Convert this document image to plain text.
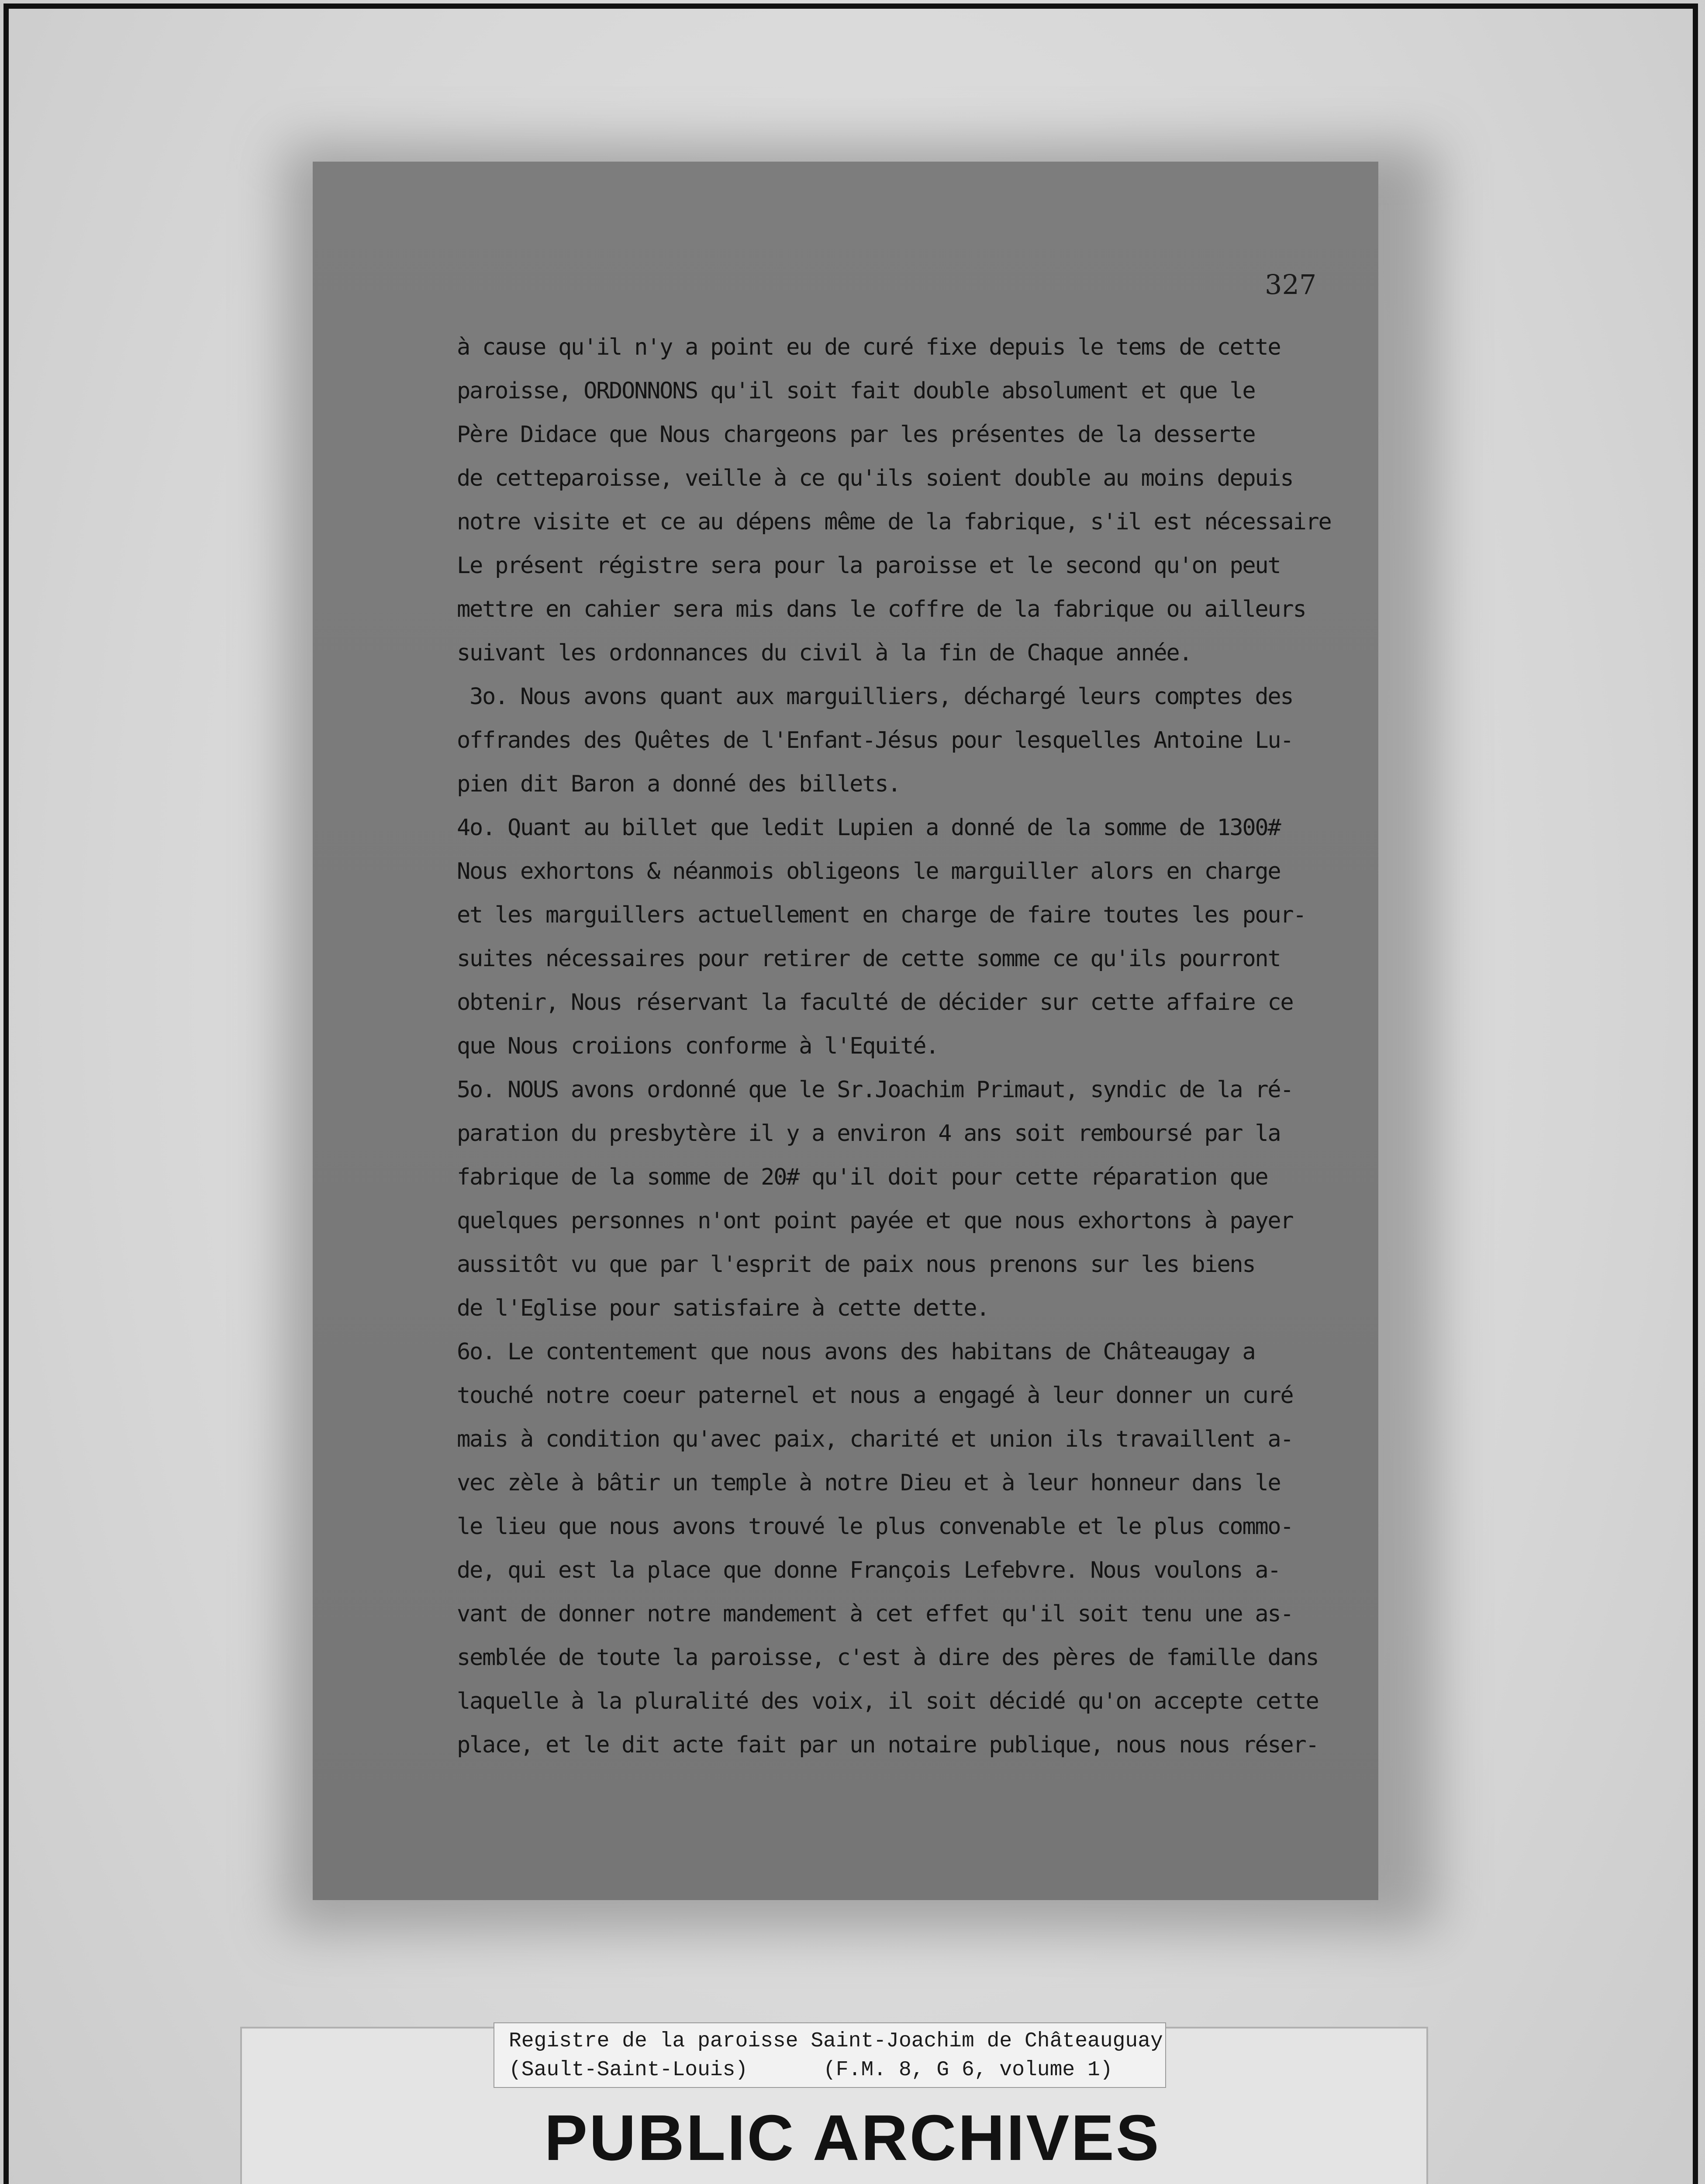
327
à cause qu'il n'y a point eu de curé fixe depuis le tems de cette
paroisse, ORDONNONS qu'il soit fait double absolument et que le
Père Didace que Nous chargeons par les présentes de la desserte
de cetteparoisse, veille à ce qu'ils soient double au moins depuis
notre visite et ce au dépens même de la fabrique, s'il est nécessaire
Le présent régistre sera pour la paroisse et le second qu'on peut
mettre en cahier sera mis dans le coffre de la fabrique ou ailleurs
suivant les ordonnances du civil à la fin de Chaque année.
3o. Nous avons quant aux marguilliers, déchargé leurs comptes des
offrandes des Quêtes de l'Enfant-Jésus pour lesquelles Antoine Lu-
pien dit Baron a donné des billets.
4o. Quant au billet que ledit Lupien a donné de la somme de 1300#
Nous exhortons & néanmois obligeons le marguiller alors en charge
et les marguillers actuellement en charge de faire toutes les pour-
suites nécessaires pour retirer de cette somme ce qu'ils pourront
obtenir, Nous réservant la faculté de décider sur cette affaire ce
que Nous croiions conforme à l'Equité.
5o. NOUS avons ordonné que le Sr.Joachim Primaut, syndic de la ré-
paration du presbytère il y a environ 4 ans soit remboursé par la
fabrique de la somme de 20# qu'il doit pour cette réparation que
quelques personnes n'ont point payée et que nous exhortons à payer
aussitôt vu que par l'esprit de paix nous prenons sur les biens
de l'Eglise pour satisfaire à cette dette.
6o. Le contentement que nous avons des habitans de Châteaugay a
touché notre coeur paternel et nous a engagé à leur donner un curé
mais à condition qu'avec paix, charité et union ils travaillent a-
vec zèle à bâtir un temple à notre Dieu et à leur honneur dans le
le lieu que nous avons trouvé le plus convenable et le plus commo-
de, qui est la place que donne François Lefebvre. Nous voulons a-
vant de donner notre mandement à cet effet qu'il soit tenu une as-
semblée de toute la paroisse, c'est à dire des pères de famille dans
laquelle à la pluralité des voix, il soit décidé qu'on accepte cette
place, et le dit acte fait par un notaire publique, nous nous réser-
Registre de la paroisse Saint-Joachim de Châteauguay
(Sault-Saint-Louis)      (F.M. 8, G 6, volume 1)
PUBLIC ARCHIVES
